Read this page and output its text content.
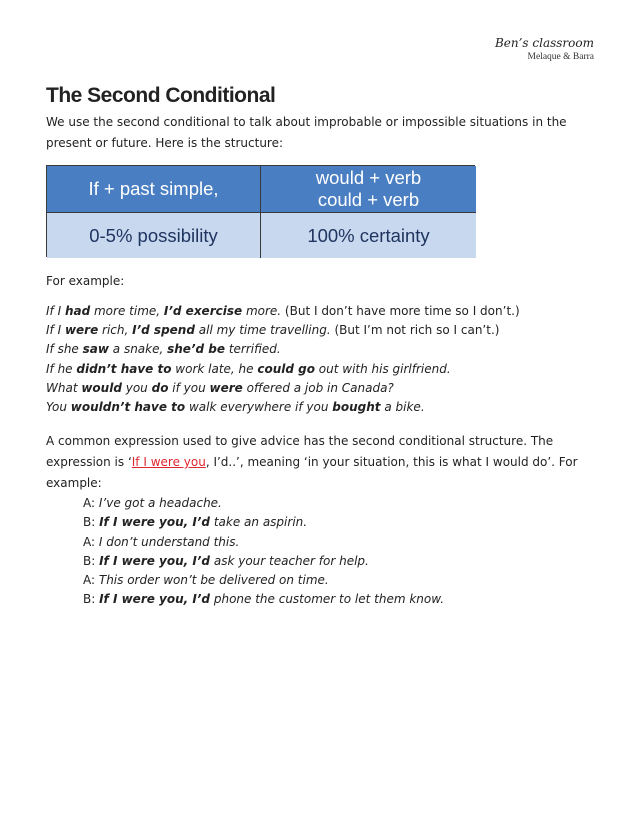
Ben’s classroom
Melaque & Barra
The Second Conditional

We use the second conditional to talk about improbable or impossible situations in the present or future. Here is the structure:

If + past simple,
would + verb
could + verb
0-5% possibility	100% certainty

For example:

If I had more time, I’d exercise more. (But I don’t have more time so I don’t.)
If I were rich, I’d spend all my time travelling. (But I’m not rich so I can’t.)
If she saw a snake, she’d be terrified.
If he didn’t have to work late, he could go out with his girlfriend.
What would you do if you were offered a job in Canada?
You wouldn’t have to walk everywhere if you bought a bike.

A common expression used to give advice has the second conditional structure. The expression is ‘If I were you, I’d..’, meaning ‘in your situation, this is what I would do’. For example:

A: I’ve got a headache.
B: If I were you, I’d take an aspirin.
A: I don’t understand this.
B: If I were you, I’d ask your teacher for help.
A: This order won’t be delivered on time.
B: If I were you, I’d phone the customer to let them know.
